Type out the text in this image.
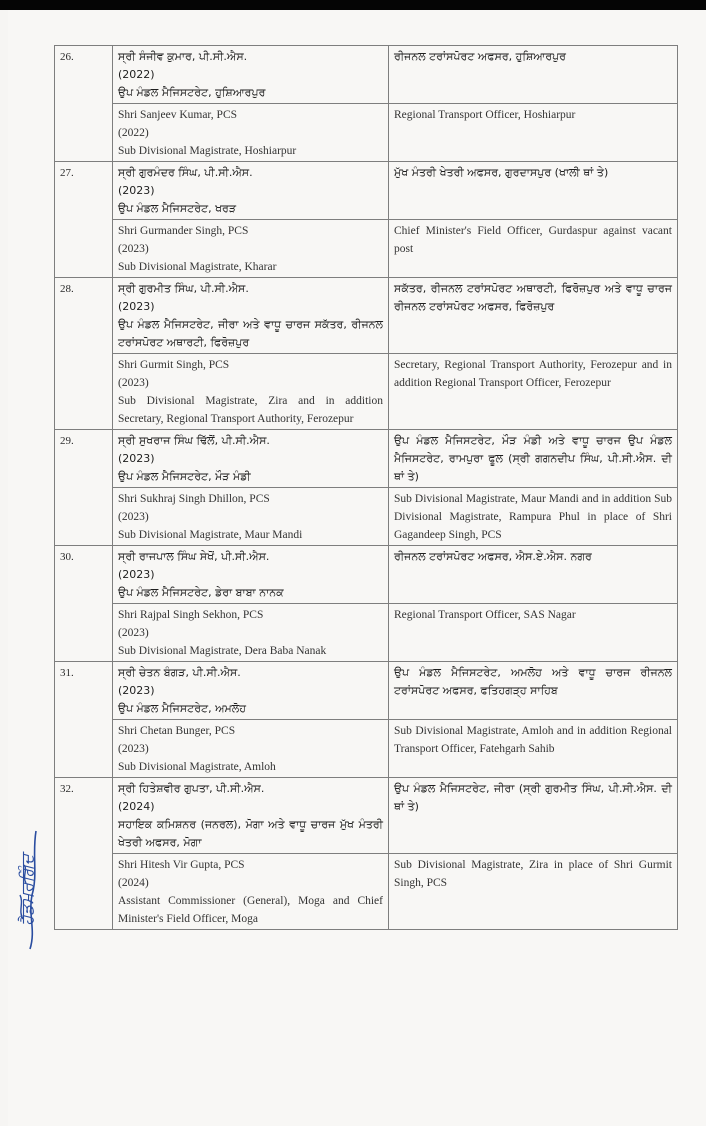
ਹੈਡਮਰਗਿੰਦ
26.	ਸ੍ਰੀ ਸੰਜੀਵ ਕੁਮਾਰ, ਪੀ.ਸੀ.ਐਸ.
(2022)
ਉਪ ਮੰਡਲ ਮੈਜਿਸਟਰੇਟ, ਹੁਸ਼ਿਆਰਪੁਰ	ਰੀਜਨਲ ਟਰਾਂਸਪੋਰਟ ਅਫਸਰ, ਹੁਸ਼ਿਆਰਪੁਰ

	Shri Sanjeev Kumar, PCS
(2022)
Sub Divisional Magistrate, Hoshiarpur	Regional Transport Officer, Hoshiarpur

27.	ਸ੍ਰੀ ਗੁਰਮੰਦਰ ਸਿੰਘ, ਪੀ.ਸੀ.ਐਸ.
(2023)
ਉਪ ਮੰਡਲ ਮੈਜਿਸਟਰੇਟ, ਖਰੜ	ਮੁੱਖ ਮੰਤਰੀ ਖੇਤਰੀ ਅਫਸਰ, ਗੁਰਦਾਸਪੁਰ (ਖਾਲੀ ਥਾਂ ਤੇ)

	Shri Gurmander Singh, PCS
(2023)
Sub Divisional Magistrate, Kharar	Chief Minister's Field Officer, Gurdaspur against vacant post

28.	ਸ੍ਰੀ ਗੁਰਮੀਤ ਸਿੰਘ, ਪੀ.ਸੀ.ਐਸ.
(2023)
ਉਪ ਮੰਡਲ ਮੈਜਿਸਟਰੇਟ, ਜੀਰਾ ਅਤੇ ਵਾਧੂ ਚਾਰਜ ਸਕੱਤਰ, ਰੀਜਨਲ ਟਰਾਂਸਪੋਰਟ ਅਥਾਰਟੀ, ਫਿਰੋਜ਼ਪੁਰ	ਸਕੱਤਰ, ਰੀਜਨਲ ਟਰਾਂਸਪੋਰਟ ਅਥਾਰਟੀ, ਫਿਰੋਜ਼ਪੁਰ ਅਤੇ ਵਾਧੂ ਚਾਰਜ ਰੀਜਨਲ ਟਰਾਂਸਪੋਰਟ ਅਫਸਰ, ਫਿਰੋਜ਼ਪੁਰ

	Shri Gurmit Singh, PCS
(2023)
Sub Divisional Magistrate, Zira and in addition Secretary, Regional Transport Authority, Ferozepur	Secretary, Regional Transport Authority, Ferozepur and in addition Regional Transport Officer, Ferozepur

29.	ਸ੍ਰੀ ਸੁਖਰਾਜ ਸਿੰਘ ਢਿੱਲੋਂ, ਪੀ.ਸੀ.ਐਸ.
(2023)
ਉਪ ਮੰਡਲ ਮੈਜਿਸਟਰੇਟ, ਮੌੜ ਮੰਡੀ	ਉਪ ਮੰਡਲ ਮੈਜਿਸਟਰੇਟ, ਮੌੜ ਮੰਡੀ ਅਤੇ ਵਾਧੂ ਚਾਰਜ ਉਪ ਮੰਡਲ ਮੈਜਿਸਟਰੇਟ, ਰਾਮਪੁਰਾ ਫੂਲ (ਸ੍ਰੀ ਗਗਨਦੀਪ ਸਿੰਘ, ਪੀ.ਸੀ.ਐਸ. ਦੀ ਥਾਂ ਤੇ)

	Shri Sukhraj Singh Dhillon, PCS
(2023)
Sub Divisional Magistrate, Maur Mandi	Sub Divisional Magistrate, Maur Mandi and in addition Sub Divisional Magistrate, Rampura Phul in place of Shri Gagandeep Singh, PCS

30.	ਸ੍ਰੀ ਰਾਜਪਾਲ ਸਿੰਘ ਸੇਖੋਂ, ਪੀ.ਸੀ.ਐਸ.
(2023)
ਉਪ ਮੰਡਲ ਮੈਜਿਸਟਰੇਟ, ਡੇਰਾ ਬਾਬਾ ਨਾਨਕ	ਰੀਜਨਲ ਟਰਾਂਸਪੋਰਟ ਅਫਸਰ, ਐਸ.ਏ.ਐਸ. ਨਗਰ

	Shri Rajpal Singh Sekhon, PCS
(2023)
Sub Divisional Magistrate, Dera Baba Nanak	Regional Transport Officer, SAS Nagar

31.	ਸ੍ਰੀ ਚੇਤਨ ਬੰਗੜ, ਪੀ.ਸੀ.ਐਸ.
(2023)
ਉਪ ਮੰਡਲ ਮੈਜਿਸਟਰੇਟ, ਅਮਲੋਹ	ਉਪ ਮੰਡਲ ਮੈਜਿਸਟਰੇਟ, ਅਮਲੋਹ ਅਤੇ ਵਾਧੂ ਚਾਰਜ ਰੀਜਨਲ ਟਰਾਂਸਪੋਰਟ ਅਫਸਰ, ਫਤਿਹਗੜ੍ਹ ਸਾਹਿਬ

	Shri Chetan Bunger, PCS
(2023)
Sub Divisional Magistrate, Amloh	Sub Divisional Magistrate, Amloh and in addition Regional Transport Officer, Fatehgarh Sahib

32.	ਸ੍ਰੀ ਹਿਤੇਸ਼ਵੀਰ ਗੁਪਤਾ, ਪੀ.ਸੀ.ਐਸ.
(2024)
ਸਹਾਇਕ ਕਮਿਸ਼ਨਰ (ਜਨਰਲ), ਮੋਗਾ ਅਤੇ ਵਾਧੂ ਚਾਰਜ ਮੁੱਖ ਮੰਤਰੀ ਖੇਤਰੀ ਅਫਸਰ, ਮੋਗਾ	ਉਪ ਮੰਡਲ ਮੈਜਿਸਟਰੇਟ, ਜੀਰਾ (ਸ੍ਰੀ ਗੁਰਮੀਤ ਸਿੰਘ, ਪੀ.ਸੀ.ਐਸ. ਦੀ ਥਾਂ ਤੇ)

	Shri Hitesh Vir Gupta, PCS
(2024)
Assistant Commissioner (General), Moga and Chief Minister's Field Officer, Moga	Sub Divisional Magistrate, Zira in place of Shri Gurmit Singh, PCS
